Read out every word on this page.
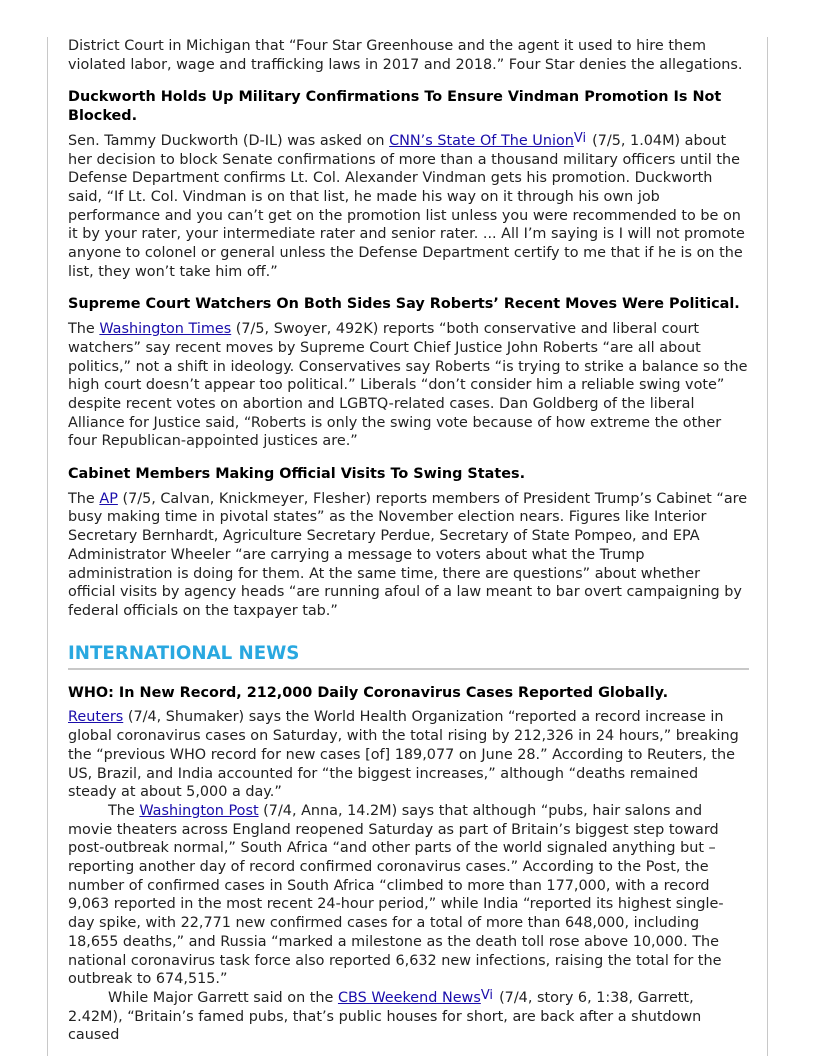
District Court in Michigan that “Four Star Greenhouse and the agent it used to hire them violated labor, wage and trafficking laws in 2017 and 2018.” Four Star denies the allegations.

Duckworth Holds Up Military Confirmations To Ensure Vindman Promotion Is Not Blocked.

Sen. Tammy Duckworth (D-IL) was asked on CNN’s State Of The Union$^{Vi}$ (7/5, 1.04M) about her decision to block Senate confirmations of more than a thousand military officers until the Defense Department confirms Lt. Col. Alexander Vindman gets his promotion. Duckworth said, “If Lt. Col. Vindman is on that list, he made his way on it through his own job performance and you can’t get on the promotion list unless you were recommended to be on it by your rater, your intermediate rater and senior rater. ... All I’m saying is I will not promote anyone to colonel or general unless the Defense Department certify to me that if he is on the list, they won’t take him off.”

Supreme Court Watchers On Both Sides Say Roberts’ Recent Moves Were Political.

The Washington Times (7/5, Swoyer, 492K) reports “both conservative and liberal court watchers” say recent moves by Supreme Court Chief Justice John Roberts “are all about politics,” not a shift in ideology. Conservatives say Roberts “is trying to strike a balance so the high court doesn’t appear too political.” Liberals “don’t consider him a reliable swing vote” despite recent votes on abortion and LGBTQ-related cases. Dan Goldberg of the liberal Alliance for Justice said, “Roberts is only the swing vote because of how extreme the other four Republican-appointed justices are.”

Cabinet Members Making Official Visits To Swing States.

The AP (7/5, Calvan, Knickmeyer, Flesher) reports members of President Trump’s Cabinet “are busy making time in pivotal states” as the November election nears. Figures like Interior Secretary Bernhardt, Agriculture Secretary Perdue, Secretary of State Pompeo, and EPA Administrator Wheeler “are carrying a message to voters about what the Trump administration is doing for them. At the same time, there are questions” about whether official visits by agency heads “are running afoul of a law meant to bar overt campaigning by federal officials on the taxpayer tab.”

INTERNATIONAL NEWS

WHO: In New Record, 212,000 Daily Coronavirus Cases Reported Globally.

Reuters (7/4, Shumaker) says the World Health Organization “reported a record increase in global coronavirus cases on Saturday, with the total rising by 212,326 in 24 hours,” breaking the “previous WHO record for new cases [of] 189,077 on June 28.” According to Reuters, the US, Brazil, and India accounted for “the biggest increases,” although “deaths remained steady at about 5,000 a day.”

The Washington Post (7/4, Anna, 14.2M) says that although “pubs, hair salons and movie theaters across England reopened Saturday as part of Britain’s biggest step toward post-outbreak normal,” South Africa “and other parts of the world signaled anything but – reporting another day of record confirmed coronavirus cases.” According to the Post, the number of confirmed cases in South Africa “climbed to more than 177,000, with a record 9,063 reported in the most recent 24-hour period,” while India “reported its highest single-day spike, with 22,771 new confirmed cases for a total of more than 648,000, including 18,655 deaths,” and Russia “marked a milestone as the death toll rose above 10,000. The national coronavirus task force also reported 6,632 new infections, raising the total for the outbreak to 674,515.”

While Major Garrett said on the CBS Weekend News$^{Vi}$ (7/4, story 6, 1:38, Garrett, 2.42M), “Britain’s famed pubs, that’s public houses for short, are back after a shutdown caused
